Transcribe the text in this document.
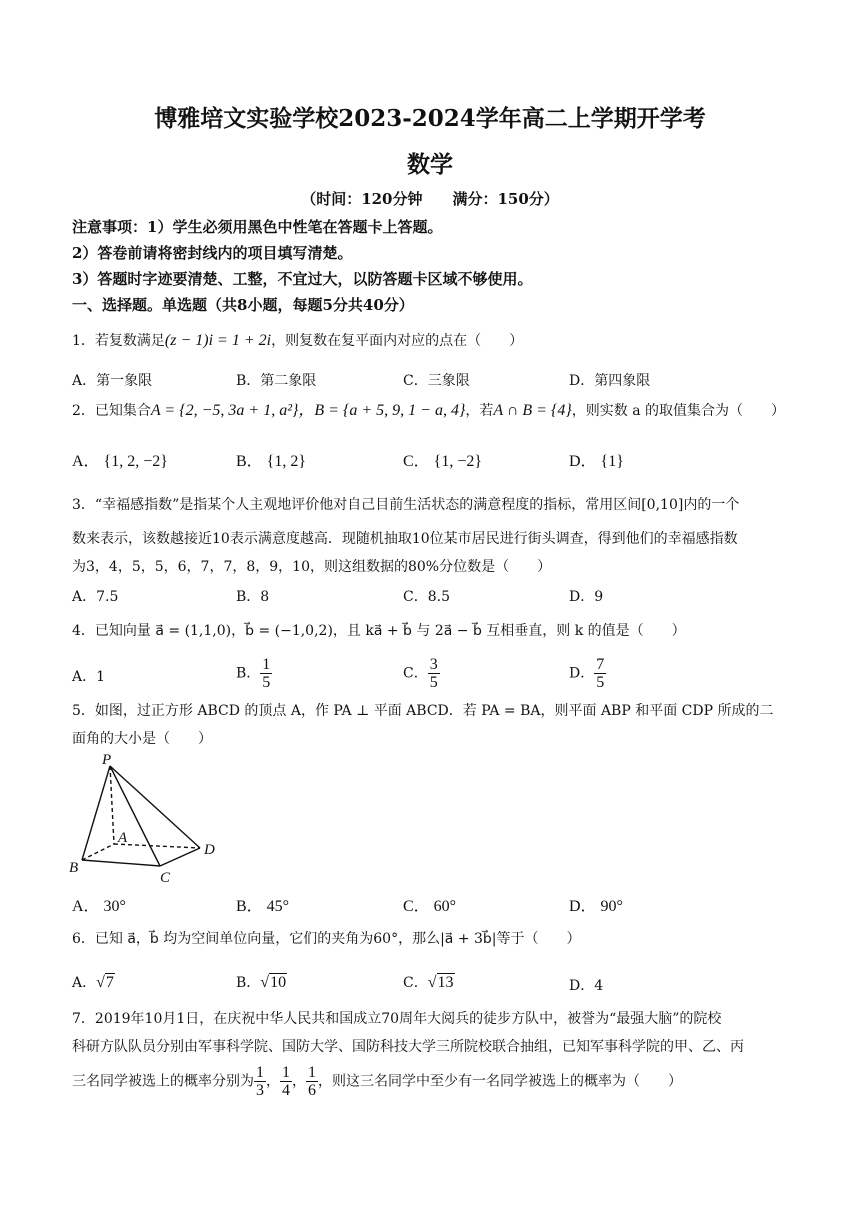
博雅培文实验学校2023-2024学年高二上学期开学考
数学
（时间：120分钟　　满分：150分）
注意事项：1）学生必须用黑色中性笔在答题卡上答题。
2）答卷前请将密封线内的项目填写清楚。
3）答题时字迹要清楚、工整，不宜过大，以防答题卡区域不够使用。
一、选择题。单选题（共8小题，每题5分共40分）
1．若复数满足(z − 1)i = 1 + 2i，则复数在复平面内对应的点在（　　）
A．第一象限	B．第二象限	C．三象限	D．第四象限
2．已知集合A = {2, −5, 3a + 1, a²}，B = {a + 5, 9, 1 − a, 4}，若A ∩ B = {4}，则实数 a 的取值集合为（　　）
A． {1, 2, −2}	B． {1, 2}	C． {1, −2}	D． {1}
3．“幸福感指数”是指某个人主观地评价他对自己目前生活状态的满意程度的指标，常用区间[0,10]内的一个
数来表示，该数越接近10表示满意度越高．现随机抽取10位某市居民进行街头调查，得到他们的幸福感指数
为3，4，5，5，6，7，7，8，9，10，则这组数据的80%分位数是（　　）
A．7.5	B．8	C．8.5	D．9
4．已知向量 a⃗ = (1,1,0)，b⃗ = (−1,0,2)，且 ka⃗ + b⃗ 与 2a⃗ − b⃗ 互相垂直，则 k 的值是（　　）
A．1	B． $\frac{1}{5}$	C． $\frac{3}{5}$	D． $\frac{7}{5}$
5．如图，过正方形 ABCD 的顶点 A，作 PA ⊥ 平面 ABCD．若 PA = BA，则平面 ABP 和平面 CDP 所成的二
面角的大小是（　　）
P
A
B
C
D
A． 30°	B． 45°	C． 60°	D． 90°
6．已知 a⃗，b⃗ 均为空间单位向量，它们的夹角为60°，那么|a⃗ + 3b⃗|等于（　　）
A．√7	B．√10	C．√13	D．4
7．2019年10月1日，在庆祝中华人民共和国成立70周年大阅兵的徒步方队中，被誉为“最强大脑”的院校
科研方队队员分别由军事科学院、国防大学、国防科技大学三所院校联合抽组，已知军事科学院的甲、乙、丙
三名同学被选上的概率分别为 $\frac{1}{3}$ ， $\frac{1}{4}$ ， $\frac{1}{6}$ ，则这三名同学中至少有一名同学被选上的概率为（　　）
